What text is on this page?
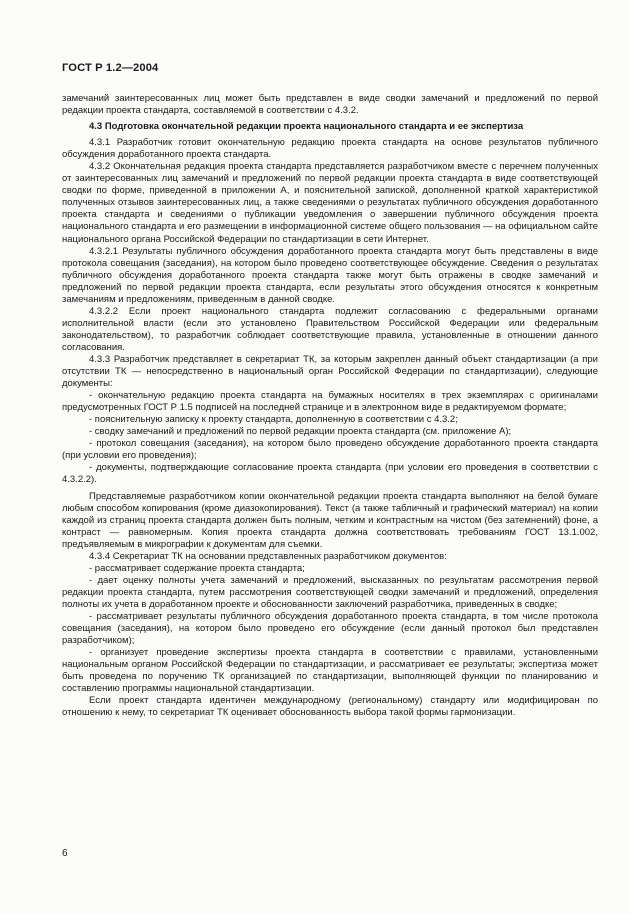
ГОСТ Р 1.2—2004

замечаний заинтересованных лиц может быть представлен в виде сводки замечаний и предложений по первой редакции проекта стандарта, составляемой в соответствии с 4.3.2.

4.3 Подготовка окончательной редакции проекта национального стандарта и ее экспертиза

4.3.1 Разработчик готовит окончательную редакцию проекта стандарта на основе результатов публичного обсуждения доработанного проекта стандарта.

4.3.2 Окончательная редакция проекта стандарта представляется разработчиком вместе с перечнем полученных от заинтересованных лиц замечаний и предложений по первой редакции проекта стандарта в виде соответствующей сводки по форме, приведенной в приложении А, и пояснительной запиской, дополненной краткой характеристикой полученных отзывов заинтересованных лиц, а также сведениями о результатах публичного обсуждения доработанного проекта стандарта и сведениями о публикации уведомления о завершении публичного обсуждения проекта национального стандарта и его размещении в информационной системе общего пользования — на официальном сайте национального органа Российской Федерации по стандартизации в сети Интернет.

4.3.2.1 Результаты публичного обсуждения доработанного проекта стандарта могут быть представлены в виде протокола совещания (заседания), на котором было проведено соответствующее обсуждение. Сведения о результатах публичного обсуждения доработанного проекта стандарта также могут быть отражены в сводке замечаний и предложений по первой редакции проекта стандарта, если результаты этого обсуждения относятся к конкретным замечаниям и предложениям, приведенным в данной сводке.

4.3.2.2 Если проект национального стандарта подлежит согласованию с федеральными органами исполнительной власти (если это установлено Правительством Российской Федерации или федеральным законодательством), то разработчик соблюдает соответствующие правила, установленные в отношении данного согласования.

4.3.3 Разработчик представляет в секретариат ТК, за которым закреплен данный объект стандартизации (а при отсутствии ТК — непосредственно в национальный орган Российской Федерации по стандартизации), следующие документы:

- окончательную редакцию проекта стандарта на бумажных носителях в трех экземплярах с оригиналами предусмотренных ГОСТ Р 1.5 подписей на последней странице и в электронном виде в редактируемом формате;

- пояснительную записку к проекту стандарта, дополненную в соответствии с 4.3.2;

- сводку замечаний и предложений по первой редакции проекта стандарта (см. приложение А);

- протокол совещания (заседания), на котором было проведено обсуждение доработанного проекта стандарта (при условии его проведения);

- документы, подтверждающие согласование проекта стандарта (при условии его проведения в соответствии с 4.3.2.2).

Представляемые разработчиком копии окончательной редакции проекта стандарта выполняют на белой бумаге любым способом копирования (кроме диазокопирования). Текст (а также табличный и графический материал) на копии каждой из страниц проекта стандарта должен быть полным, четким и контрастным на чистом (без затемнений) фоне, а контраст — равномерным. Копия проекта стандарта должна соответствовать требованиям ГОСТ 13.1.002, предъявляемым в микрографии к документам для съемки.

4.3.4 Секретариат ТК на основании представленных разработчиком документов:

- рассматривает содержание проекта стандарта;

- дает оценку полноты учета замечаний и предложений, высказанных по результатам рассмотрения первой редакции проекта стандарта, путем рассмотрения соответствующей сводки замечаний и предложений, определения полноты их учета в доработанном проекте и обоснованности заключений разработчика, приведенных в сводке;

- рассматривает результаты публичного обсуждения доработанного проекта стандарта, в том числе протокола совещания (заседания), на котором было проведено его обсуждение (если данный протокол был представлен разработчиком);

- организует проведение экспертизы проекта стандарта в соответствии с правилами, установленными национальным органом Российской Федерации по стандартизации, и рассматривает ее результаты; экспертиза может быть проведена по поручению ТК организацией по стандартизации, выполняющей функции по планированию и составлению программы национальной стандартизации.

Если проект стандарта идентичен международному (региональному) стандарту или модифицирован по отношению к нему, то секретариат ТК оценивает обоснованность выбора такой формы гармонизации.

6
